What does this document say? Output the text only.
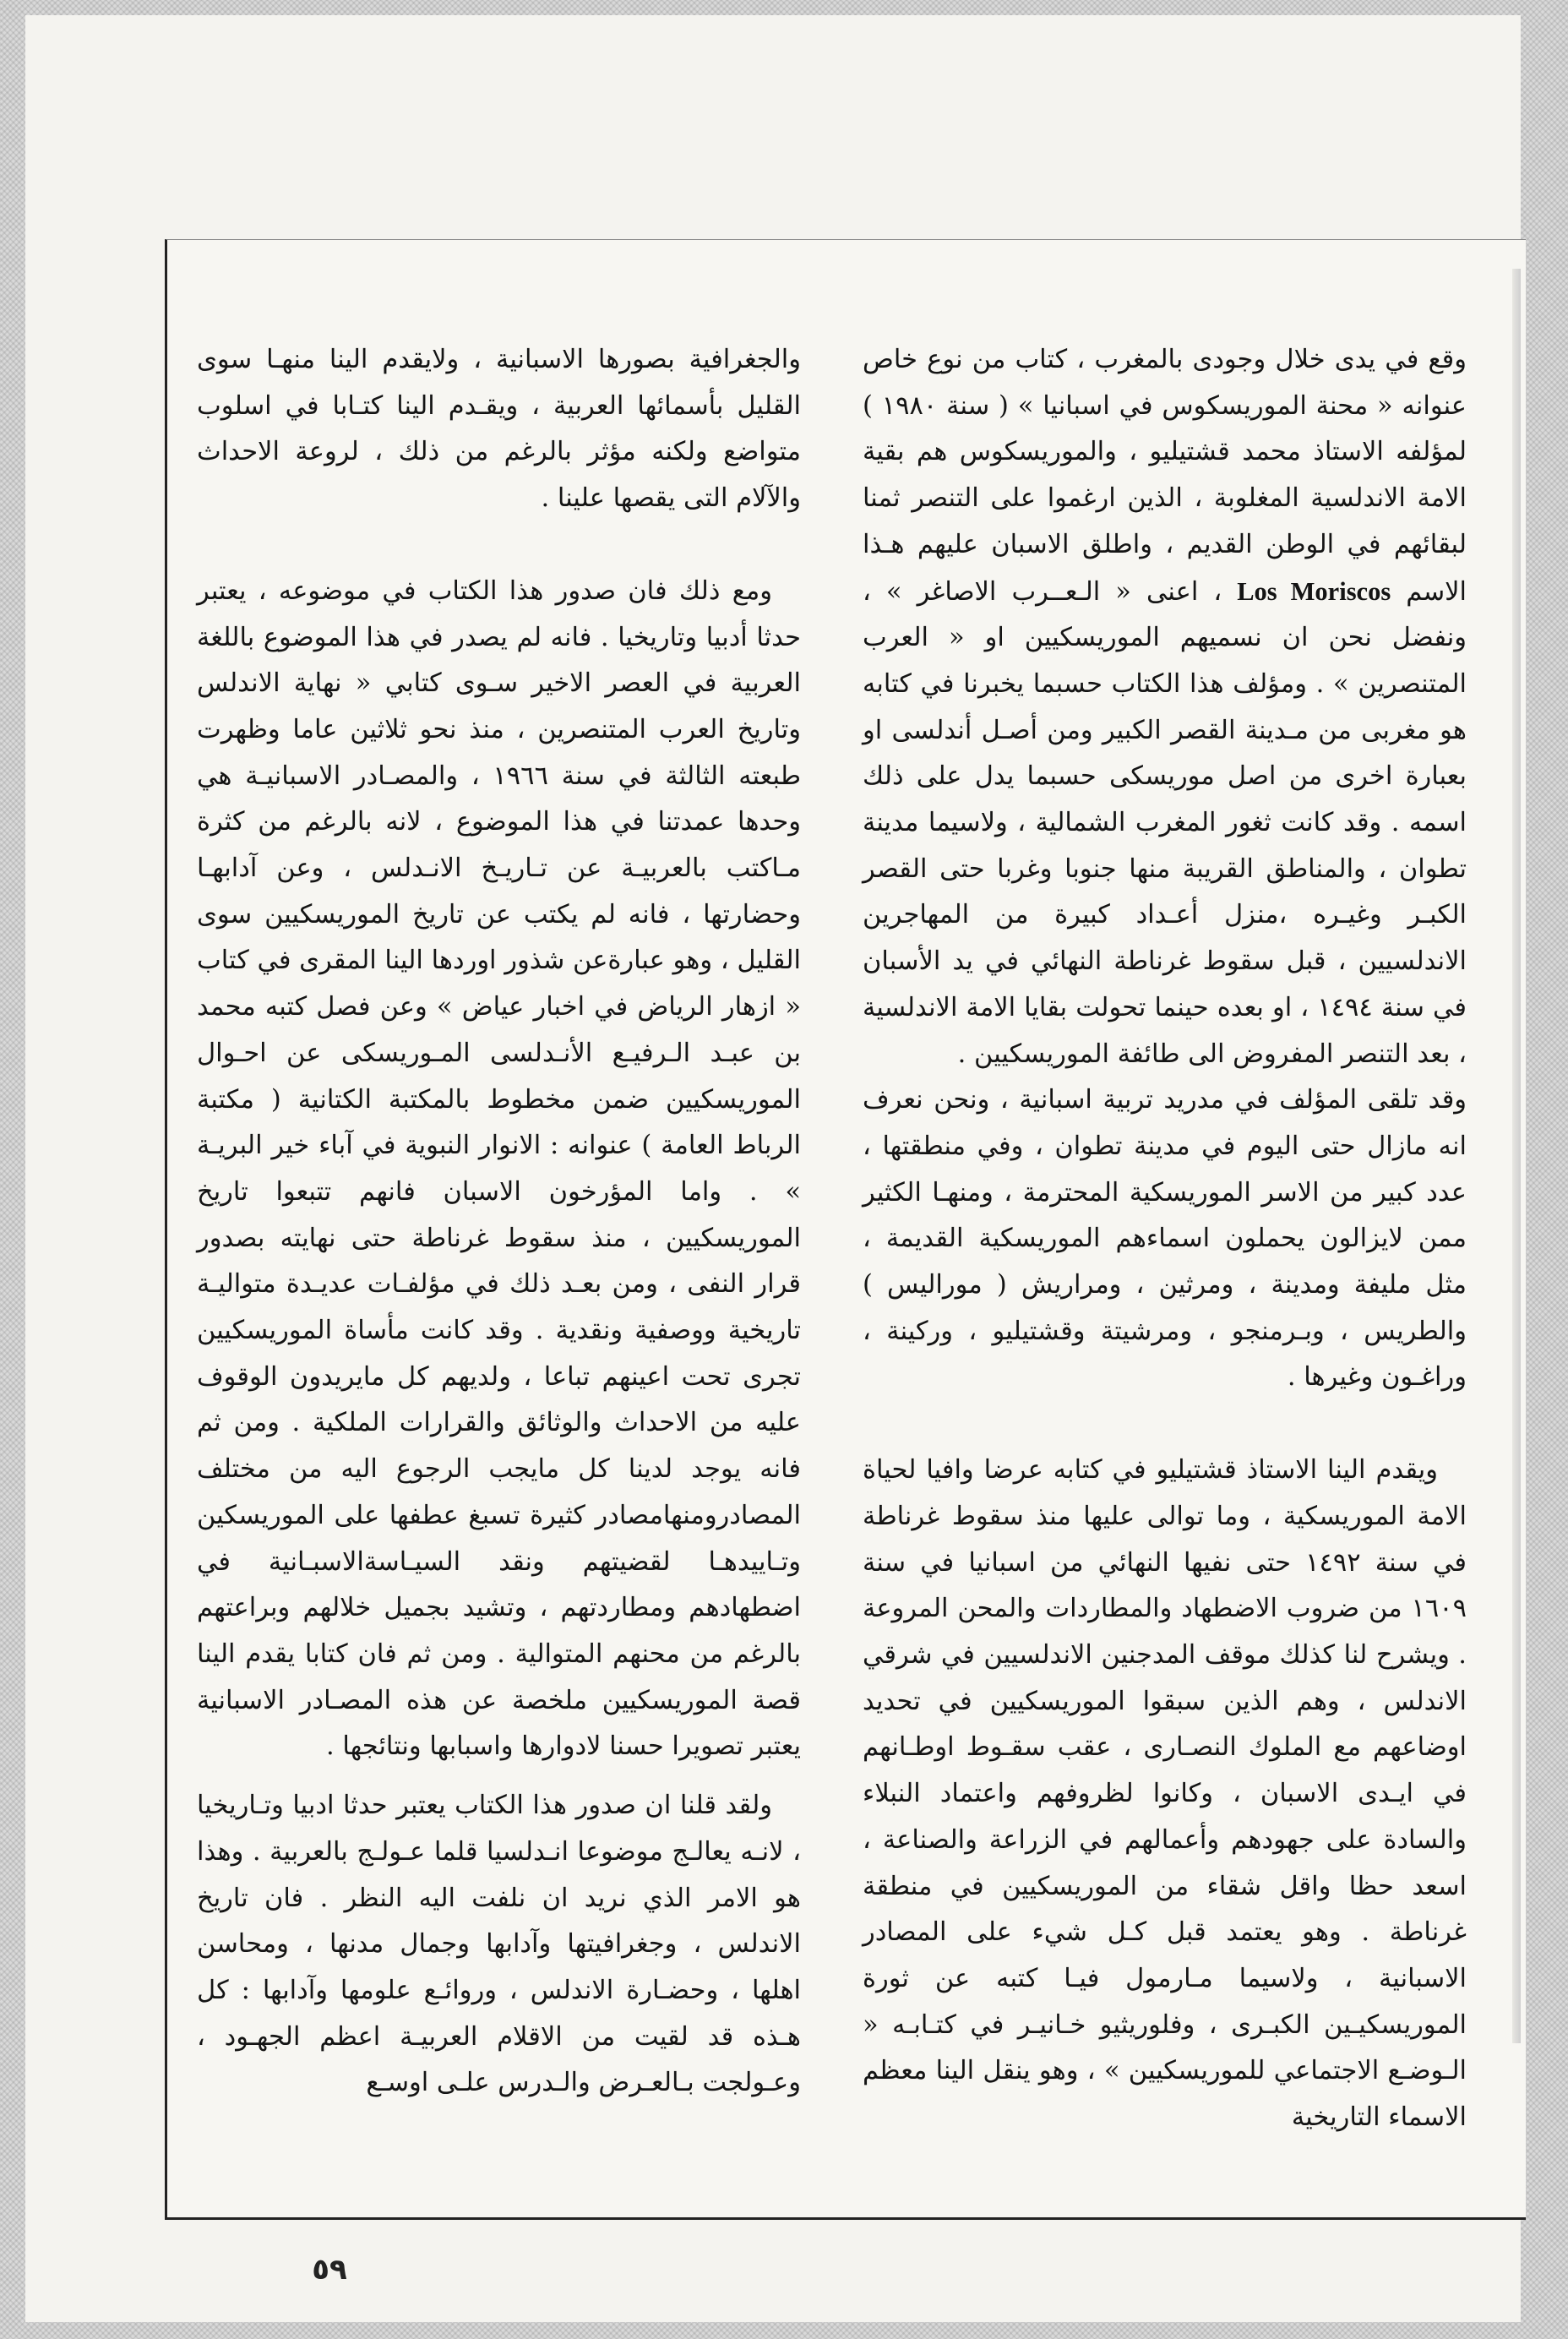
وقع في يدى خلال وجودى بالمغرب ، كتاب من نوع خاص عنوانه « محنة الموريسكوس في اسبانيا » ( سنة ١٩٨٠ ) لمؤلفه الاستاذ محمد قشتيليو ، والموريسكوس هم بقية الامة الاندلسية المغلوبة ، الذين ارغموا على التنصر ثمنا لبقائهم في الوطن القديم ، واطلق الاسبان عليهم هـذا الاسم Los Moriscos ، اعنى « الـعــرب الاصاغر » ، ونفضل نحن ان نسميهم الموريسكيين او « العرب المتنصرين » . ومؤلف هذا الكتاب حسبما يخبرنا في كتابه هو مغربى من مـدينة القصر الكبير ومن أصـل أندلسى او بعبارة اخرى من اصل موريسكى حسبما يدل على ذلك اسمه . وقد كانت ثغور المغرب الشمالية ، ولاسيما مدينة تطوان ، والمناطق القريبة منها جنوبا وغربا حتى القصر الكبـر وغيـره ،منزل أعـداد كبيرة من المهاجرين الاندلسيين ، قبل سقوط غرناطة النهائي في يد الأسبان في سنة ١٤٩٤ ، او بعده حينما تحولت بقايا الامة الاندلسية ، بعد التنصر المفروض الى طائفة الموريسكيين .

وقد تلقى المؤلف في مدريد تربية اسبانية ، ونحن نعرف انه مازال حتى اليوم في مدينة تطوان ، وفي منطقتها ، عدد كبير من الاسر الموريسكية المحترمة ، ومنهـا الكثير ممن لايزالون يحملون اسماءهم الموريسكية القديمة ، مثل مليفة ومدينة ، ومرثين ، ومراريش ( موراليس ) والطريس ، وبـرمنجو ، ومرشيتة وقشتيليو ، وركينة ، وراغـون وغيرها .

ويقدم الينا الاستاذ قشتيليو في كتابه عرضا وافيا لحياة الامة الموريسكية ، وما توالى عليها منذ سقوط غرناطة في سنة ١٤٩٢ حتى نفيها النهائي من اسبانيا في سنة ١٦٠٩ من ضروب الاضطهاد والمطاردات والمحن المروعة . ويشرح لنا كذلك موقف المدجنين الاندلسيين في شرقي الاندلس ، وهم الذين سبقوا الموريسكيين في تحديد اوضاعهم مع الملوك النصـارى ، عقب سقـوط اوطـانهم في ايـدى الاسبان ، وكانوا لظروفهم واعتماد النبلاء والسادة على جهودهم وأعمالهم في الزراعة والصناعة ، اسعد حظا واقل شقاء من الموريسكيين في منطقة غرناطة . وهو يعتمد قبل كـل شيء على المصادر الاسبانية ، ولاسيما مـارمول فيـا كتبه عن ثورة الموريسكيـين الكبـرى ، وفلوريثيو خـانيـر في كتـابـه « الـوضـع الاجتماعي للموريسكيين » ، وهو ينقل الينا معظم الاسماء التاريخية

والجغرافية بصورها الاسبانية ، ولايقدم الينا منهـا سوى القليل بأسمائها العربية ، ويقـدم الينا كتـابا في اسلوب متواضع ولكنه مؤثر بالرغم من ذلك ، لروعة الاحداث والآلام التى يقصها علينا .

ومع ذلك فان صدور هذا الكتاب في موضوعه ، يعتبر حدثا أدبيا وتاريخيا . فانه لم يصدر في هذا الموضوع باللغة العربية في العصر الاخير سـوى كتابي « نهاية الاندلس وتاريخ العرب المتنصرين ، منذ نحو ثلاثين عاما وظهرت طبعته الثالثة في سنة ١٩٦٦ ، والمصـادر الاسبانيـة هي وحدها عمدتنا في هذا الموضوع ، لانه بالرغم من كثرة مـاكتب بالعربيـة عن تـاريـخ الانـدلس ، وعن آدابهـا وحضارتها ، فانه لم يكتب عن تاريخ الموريسكيين سوى القليل ، وهو عبارةعن شذور اوردها الينا المقرى في كتاب « ازهار الرياض في اخبار عياض » وعن فصل كتبه محمد بن عبـد الـرفيـع الأنـدلسى المـوريسكى عن احـوال الموريسكيين ضمن مخطوط بالمكتبة الكتانية ( مكتبة الرباط العامة ) عنوانه : الانوار النبوية في آباء خير البريـة » . واما المؤرخون الاسبان فانهم تتبعوا تاريخ الموريسكيين ، منذ سقوط غرناطة حتى نهايته بصدور قرار النفى ، ومن بعـد ذلك في مؤلفـات عديـدة متواليـة تاريخية ووصفية ونقدية . وقد كانت مأساة الموريسكيين تجرى تحت اعينهم تباعا ، ولديهم كل مايريدون الوقوف عليه من الاحداث والوثائق والقرارات الملكية . ومن ثم فانه يوجد لدينا كل مايجب الرجوع اليه من مختلف المصادرومنهامصادر كثيرة تسبغ عطفها على الموريسكين وتـاييدهـا لقضيتهم ونقد السيـاسةالاسبـانية في اضطهادهم ومطاردتهم ، وتشيد بجميل خلالهم وبراعتهم بالرغم من محنهم المتوالية . ومن ثم فان كتابا يقدم الينا قصة الموريسكيين ملخصة عن هذه المصـادر الاسبانية يعتبر تصويرا حسنا لادوارها واسبابها ونتائجها .

ولقد قلنا ان صدور هذا الكتاب يعتبر حدثا ادبيا وتـاريخيا ، لانـه يعالـج موضوعا انـدلسيا قلما عـولـج بالعربية . وهذا هو الامر الذي نريد ان نلفت اليه النظر . فان تاريخ الاندلس ، وجغرافيتها وآدابها وجمال مدنها ، ومحاسن اهلها ، وحضـارة الاندلس ، وروائـع علومها وآدابها : كل هـذه قد لقيت من الاقلام العربيـة اعظم الجهـود ، وعـولجت بـالعـرض والـدرس علـى اوسـع

٥٩
